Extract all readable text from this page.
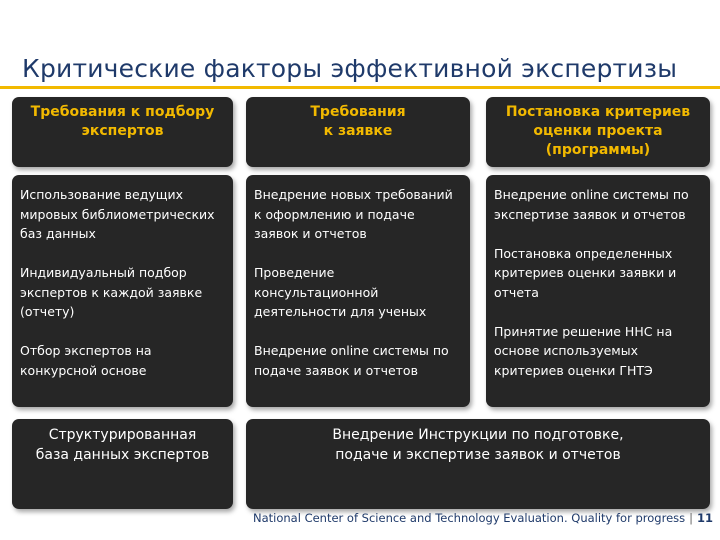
Критические факторы эффективной экспертизы
Требования к подбору
экспертов
Требования
к заявке
Постановка критериев
оценки проекта
(программы)

Использование ведущих мировых библиометрических баз данных

Индивидуальный подбор экспертов к каждой заявке (отчету)

Отбор экспертов на конкурсной основе

Внедрение новых требований к оформлению и подаче заявок и отчетов

Проведение консультационной деятельности для ученых

Внедрение online системы по подаче заявок и отчетов

Внедрение online системы по экспертизе заявок и отчетов

Постановка определенных критериев оценки заявки и отчета

Принятие решение ННС на основе используемых критериев оценки ГНТЭ

Структурированная
база данных экспертов
Внедрение Инструкции по подготовке,
подаче и экспертизе заявок и отчетов
National Center of Science and Technology Evaluation. Quality for progress | 11
